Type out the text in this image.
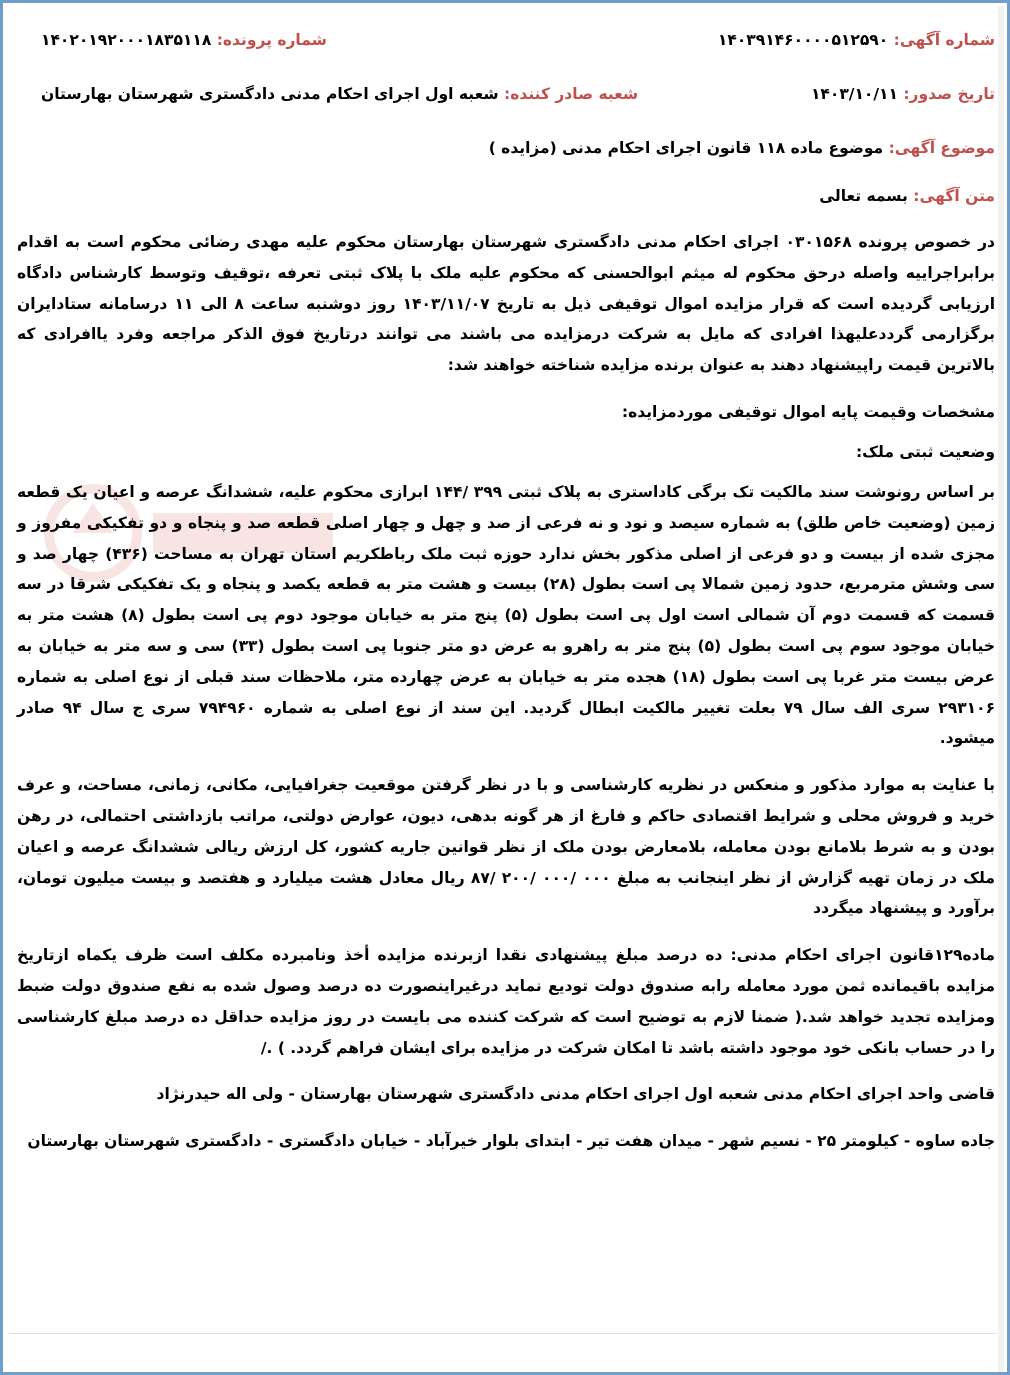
شماره آگهی: ۱۴۰۳۹۱۴۶۰۰۰۰۵۱۲۵۹۰
شماره پرونده: ۱۴۰۲۰۱۹۲۰۰۰۱۸۳۵۱۱۸
تاریخ صدور: ۱۴۰۳/۱۰/۱۱
شعبه صادر کننده: شعبه اول اجرای احکام مدنی دادگستری شهرستان بهارستان
موضوع آگهی: موضوع ماده ۱۱۸ قانون اجرای احکام مدنی (مزایده )
متن آگهی: بسمه تعالی

در خصوص پرونده ۰۳۰۱۵۶۸ اجرای احکام مدنی دادگستری شهرستان بهارستان محکوم علیه مهدی رضائی محکوم است به اقدام برابراجراییه واصله درحق محکوم له میثم ابوالحسنی که محکوم علیه ملک با پلاک ثبتی تعرفه ،توقیف وتوسط کارشناس دادگاه ارزیابی گردیده است که قرار مزایده اموال توقیفی ذیل به تاریخ ۱۴۰۳/۱۱/۰۷ روز دوشنبه ساعت ۸ الی ۱۱ درسامانه ستادایران برگزارمی گرددعلیهذا افرادی که مایل به شرکت درمزایده می باشند می توانند درتاریخ فوق الذکر مراجعه وفرد یاافرادی که بالاترین قیمت راپیشنهاد دهند به عنوان برنده مزایده شناخته خواهند شد:

مشخصات وقیمت پایه اموال توقیفی موردمزایده:

وضعیت ثبتی ملک:

بر اساس رونوشت سند مالکیت تک برگی کاداستری به پلاک ثبتی ۳۹۹ /۱۴۴ ابرازی محکوم علیه، ششدانگ عرصه و اعیان یک قطعه زمین (وضعیت خاص طلق) به شماره سیصد و نود و نه فرعی از صد و چهل و چهار اصلی قطعه صد و پنجاه و دو تفکیکی مفروز و مجزی شده از بیست و دو فرعی از اصلی مذکور بخش ندارد حوزه ثبت ملک رباطکریم استان تهران به مساحت (۴۳۶) چهار صد و سی وشش مترمربع، حدود زمین شمالا پی است بطول (۲۸) بیست و هشت متر به قطعه یکصد و پنجاه و یک تفکیکی شرقا در سه قسمت که قسمت دوم آن شمالی است اول پی است بطول (۵) پنج متر به خیابان موجود دوم پی است بطول (۸) هشت متر به خیابان موجود سوم پی است بطول (۵) پنج متر به راهرو به عرض دو متر جنوبا پی است بطول (۳۳) سی و سه متر به خیابان به عرض بیست متر غربا پی است بطول (۱۸) هجده متر به خیابان به عرض چهارده متر، ملاحظات سند قبلی از نوع اصلی به شماره ۲۹۳۱۰۶ سری الف سال ۷۹ بعلت تغییر مالکیت ابطال گردید. این سند از نوع اصلی به شماره ۷۹۴۹۶۰ سری ج سال ۹۴ صادر میشود.

با عنایت به موارد مذکور و منعکس در نظریه کارشناسی و با در نظر گرفتن موقعیت جغرافیایی، مکانی، زمانی، مساحت، و عرف خرید و فروش محلی و شرایط اقتصادی حاکم و فارغ از هر گونه بدهی، دیون، عوارض دولتی، مراتب بازداشتی احتمالی، در رهن بودن و به شرط بلامانع بودن معامله، بلامعارض بودن ملک از نظر قوانین جاریه کشور، کل ارزش ریالی ششدانگ عرصه و اعیان ملک در زمان تهیه گزارش از نظر اینجانب به مبلغ ۰۰۰ /۰۰۰ /۲۰۰ /۸۷ ریال معادل هشت میلیارد و هفتصد و بیست میلیون تومان، برآورد و پیشنهاد میگردد

ماده۱۲۹قانون اجرای احکام مدنی: ده درصد مبلغ پیشنهادی نقدا ازبرنده مزایده أخذ ونامبرده مکلف است ظرف یکماه ازتاریخ مزایده باقیمانده ثمن مورد معامله رابه صندوق دولت تودیع نماید درغیراینصورت ده درصد وصول شده به نفع صندوق دولت ضبط ومزایده تجدید خواهد شد.( ضمنا لازم به توضیح است که شرکت کننده می بایست در روز مزایده حداقل ده درصد مبلغ کارشناسی را در حساب بانکی خود موجود داشته باشد تا امکان شرکت در مزایده برای ایشان فراهم گردد. ) ./

قاضی واحد اجرای احکام مدنی شعبه اول اجرای احکام مدنی دادگستری شهرستان بهارستان - ولی اله حیدرنژاد

جاده ساوه - کیلومتر ۲۵ - نسیم شهر - میدان هفت تیر - ابتدای بلوار خیرآباد - خیابان دادگستری - دادگستری شهرستان بهارستان
